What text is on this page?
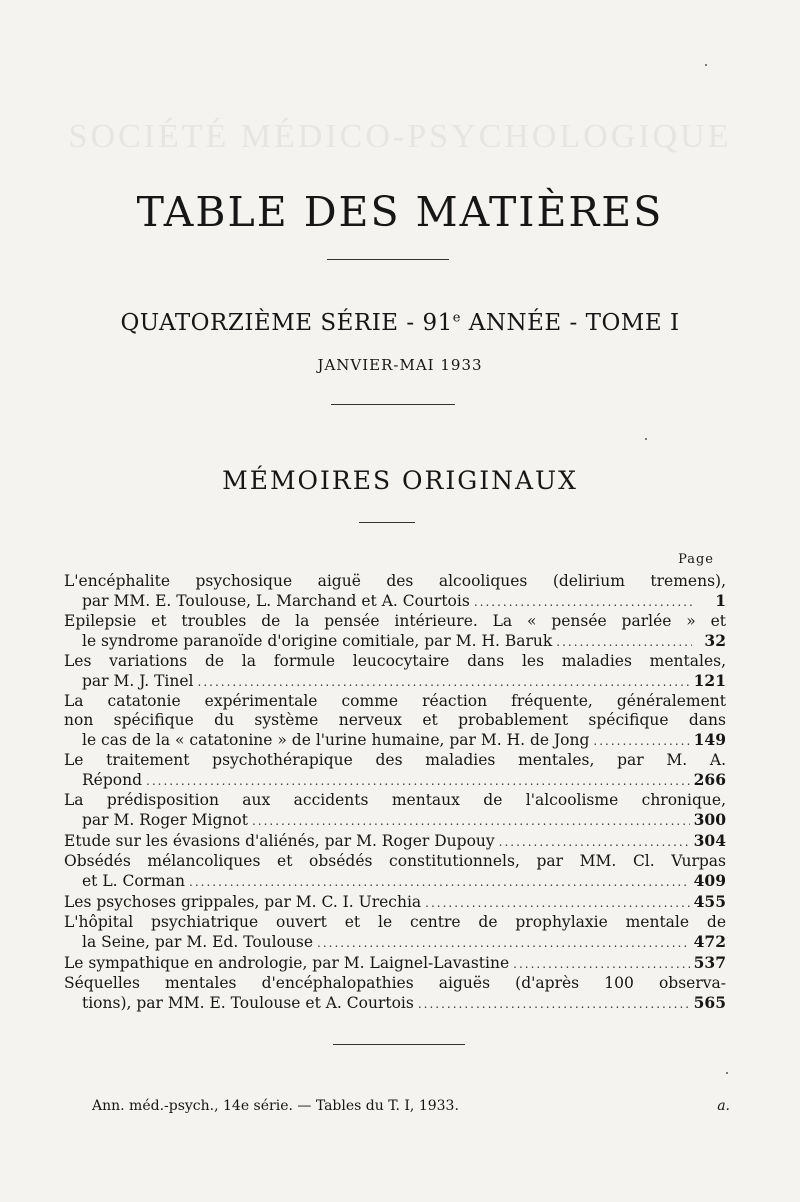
SOCIÉTÉ MÉDICO-PSYCHOLOGIQUE
TABLE DES MATIÈRES
QUATORZIÈME SÉRIE - 91e ANNÉE - TOME I
JANVIER-MAI 1933
MÉMOIRES ORIGINAUX
Page
L'encéphalite psychosique aiguë des alcooliques (delirium tremens),
par MM. E. Toulouse, L. Marchand et A. Courtois .....	1
Epilepsie et troubles de la pensée intérieure. La « pensée parlée » et
le syndrome paranoïde d'origine comitiale, par M. H. Baruk .....	32
Les variations de la formule leucocytaire dans les maladies mentales,
par M. J. Tinel .....	121
La catatonie expérimentale comme réaction fréquente, généralement
non spécifique du système nerveux et probablement spécifique dans
le cas de la « catatonine » de l'urine humaine, par M. H. de Jong .....	149
Le traitement psychothérapique des maladies mentales, par M. A.
Répond .....	266
La prédisposition aux accidents mentaux de l'alcoolisme chronique,
par M. Roger Mignot .....	300
Etude sur les évasions d'aliénés, par M. Roger Dupouy .....	304
Obsédés mélancoliques et obsédés constitutionnels, par MM. Cl. Vurpas
et L. Corman .....	409
Les psychoses grippales, par M. C. I. Urechia .....	455
L'hôpital psychiatrique ouvert et le centre de prophylaxie mentale de
la Seine, par M. Ed. Toulouse .....	472
Le sympathique en andrologie, par M. Laignel-Lavastine .....	537
Séquelles mentales d'encéphalopathies aiguës (d'après 100 observa-
tions), par MM. E. Toulouse et A. Courtois .....	565
Ann. méd.-psych., 14e série. — Tables du T. I, 1933.	a.
